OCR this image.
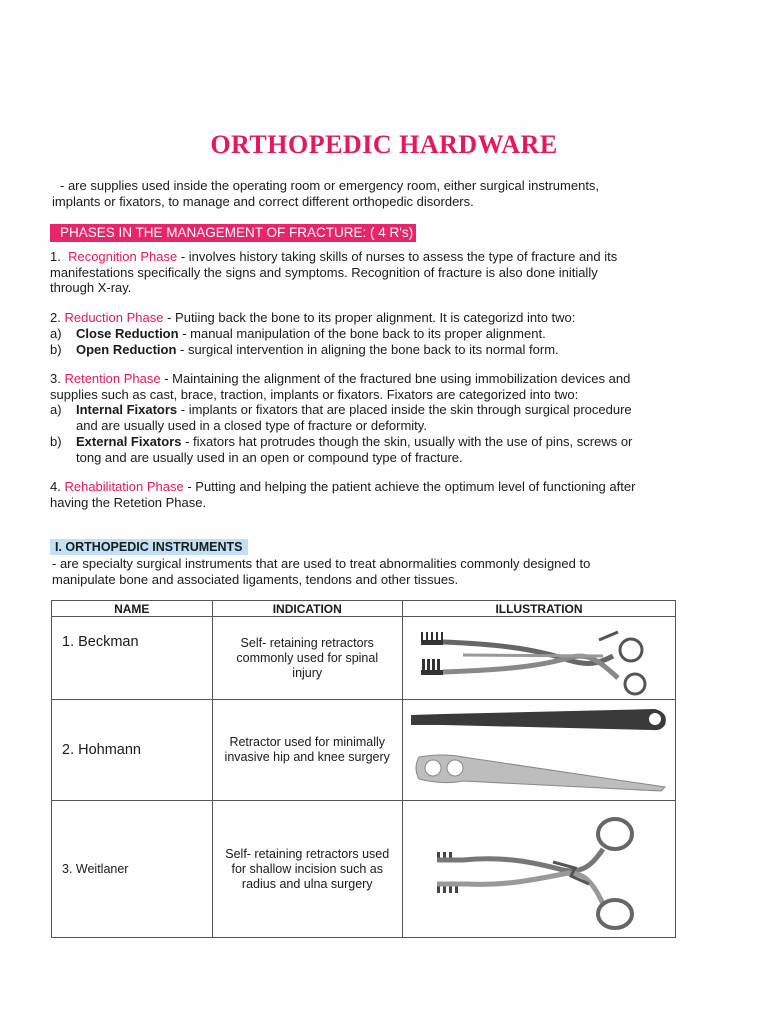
ORTHOPEDIC HARDWARE

- are supplies used inside the operating room or emergency room, either surgical instruments,

implants or fixators, to manage and correct different orthopedic disorders.

PHASES IN THE MANAGEMENT OF FRACTURE: ( 4 R's)

1. Recognition Phase - involves history taking skills of nurses to assess the type of fracture and its

manifestations specifically the signs and symptoms. Recognition of fracture is also done initially

through X-ray.

2. Reduction Phase - Putiing back the bone to its proper alignment. It is categorizd into two:

a)	Close Reduction - manual manipulation of the bone back to its proper alignment.
b)	Open Reduction - surgical intervention in aligning the bone back to its normal form.

3. Retention Phase - Maintaining the alignment of the fractured bne using immobilization devices and

supplies such as cast, brace, traction, implants or fixators. Fixators are categorized into two:

a)	Internal Fixators - implants or fixators that are placed inside the skin through surgical procedure
and are usually used in a closed type of fracture or deformity.
b)	External Fixators - fixators hat protrudes though the skin, usually with the use of pins, screws or
tong and are usually used in an open or compound type of fracture.

4. Rehabilitation Phase - Putting and helping the patient achieve the optimum level of functioning after

having the Retetion Phase.

I. ORTHOPEDIC INSTRUMENTS
- are specialty surgical instruments that are used to treat abnormalities commonly designed to
manipulate bone and associated ligaments, tendons and other tissues.
NAME	INDICATION	ILLUSTRATION
1. Beckman	Self- retaining retractors commonly used for spinal injury	

2. Hohmann	Retractor used for minimally invasive hip and knee surgery	

3. Weitlaner	Self- retaining retractors used for shallow incision such as radius and ulna surgery	
